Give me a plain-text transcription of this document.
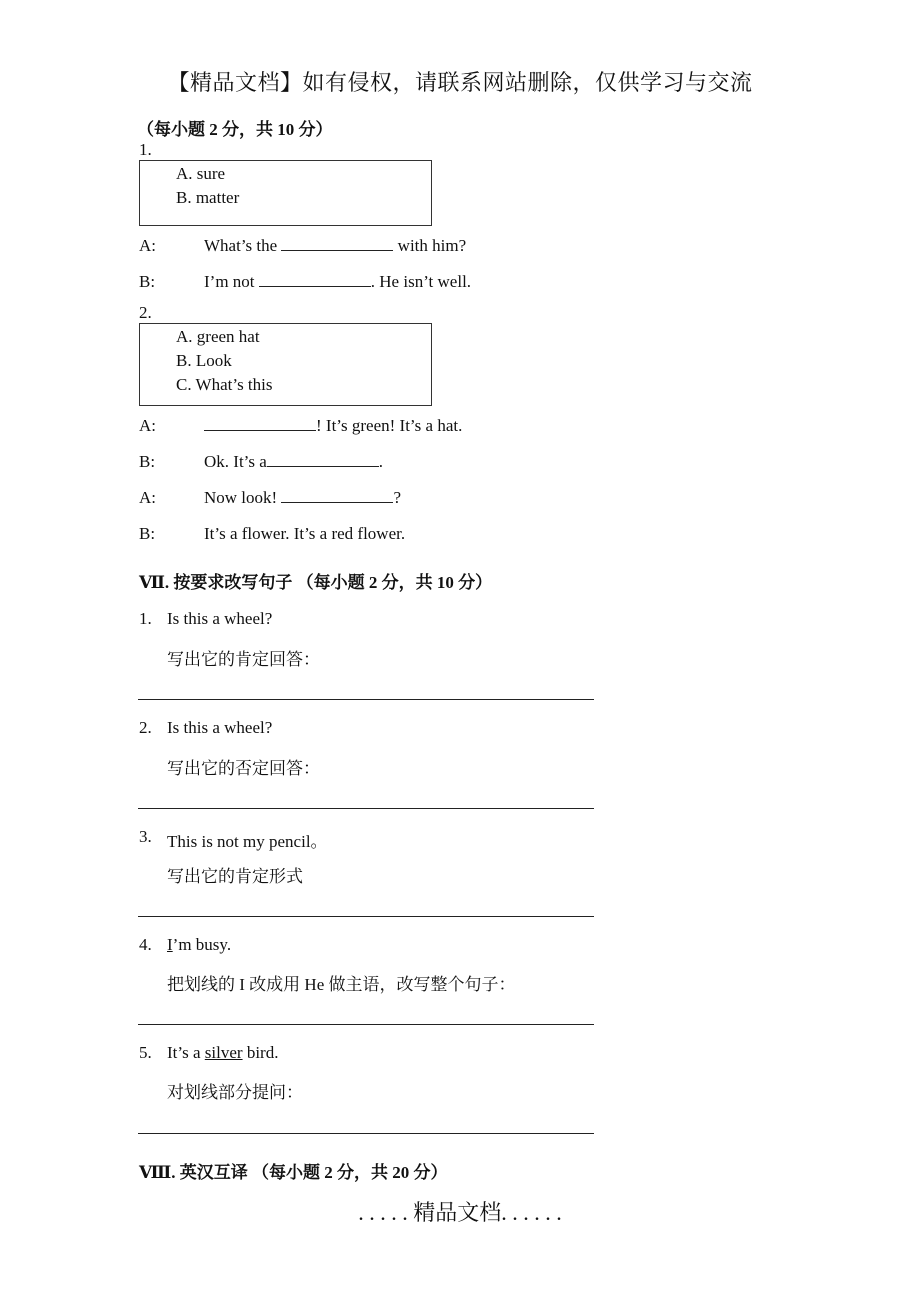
【精品文档】如有侵权，请联系网站删除，仅供学习与交流
（每小题 2 分，共 10 分）
1.
A. sure
B. matter
A:	What’s the	with him?
B:	I’m not	. He isn’t well.
2.
A. green hat
B. Look
C. What’s this
A:	! It’s green! It’s a hat.
B:	Ok. It’s a	.
A:	Now look!	?
B:	It’s a flower. It’s a red flower.
Ⅶ. 按要求改写句子 （每小题 2 分，共 10 分）
1. Is this a wheel?
写出它的肯定回答：
2. Is this a wheel?
写出它的否定回答：
3. This is not my pencil。
写出它的肯定形式
4. I’m busy.
把划线的 I 改成用 He 做主语，改写整个句子：
5. It’s a silver bird.
对划线部分提问：
Ⅷ. 英汉互译 （每小题 2 分，共 20 分）
. . . . . 精品文档. . . . . .
